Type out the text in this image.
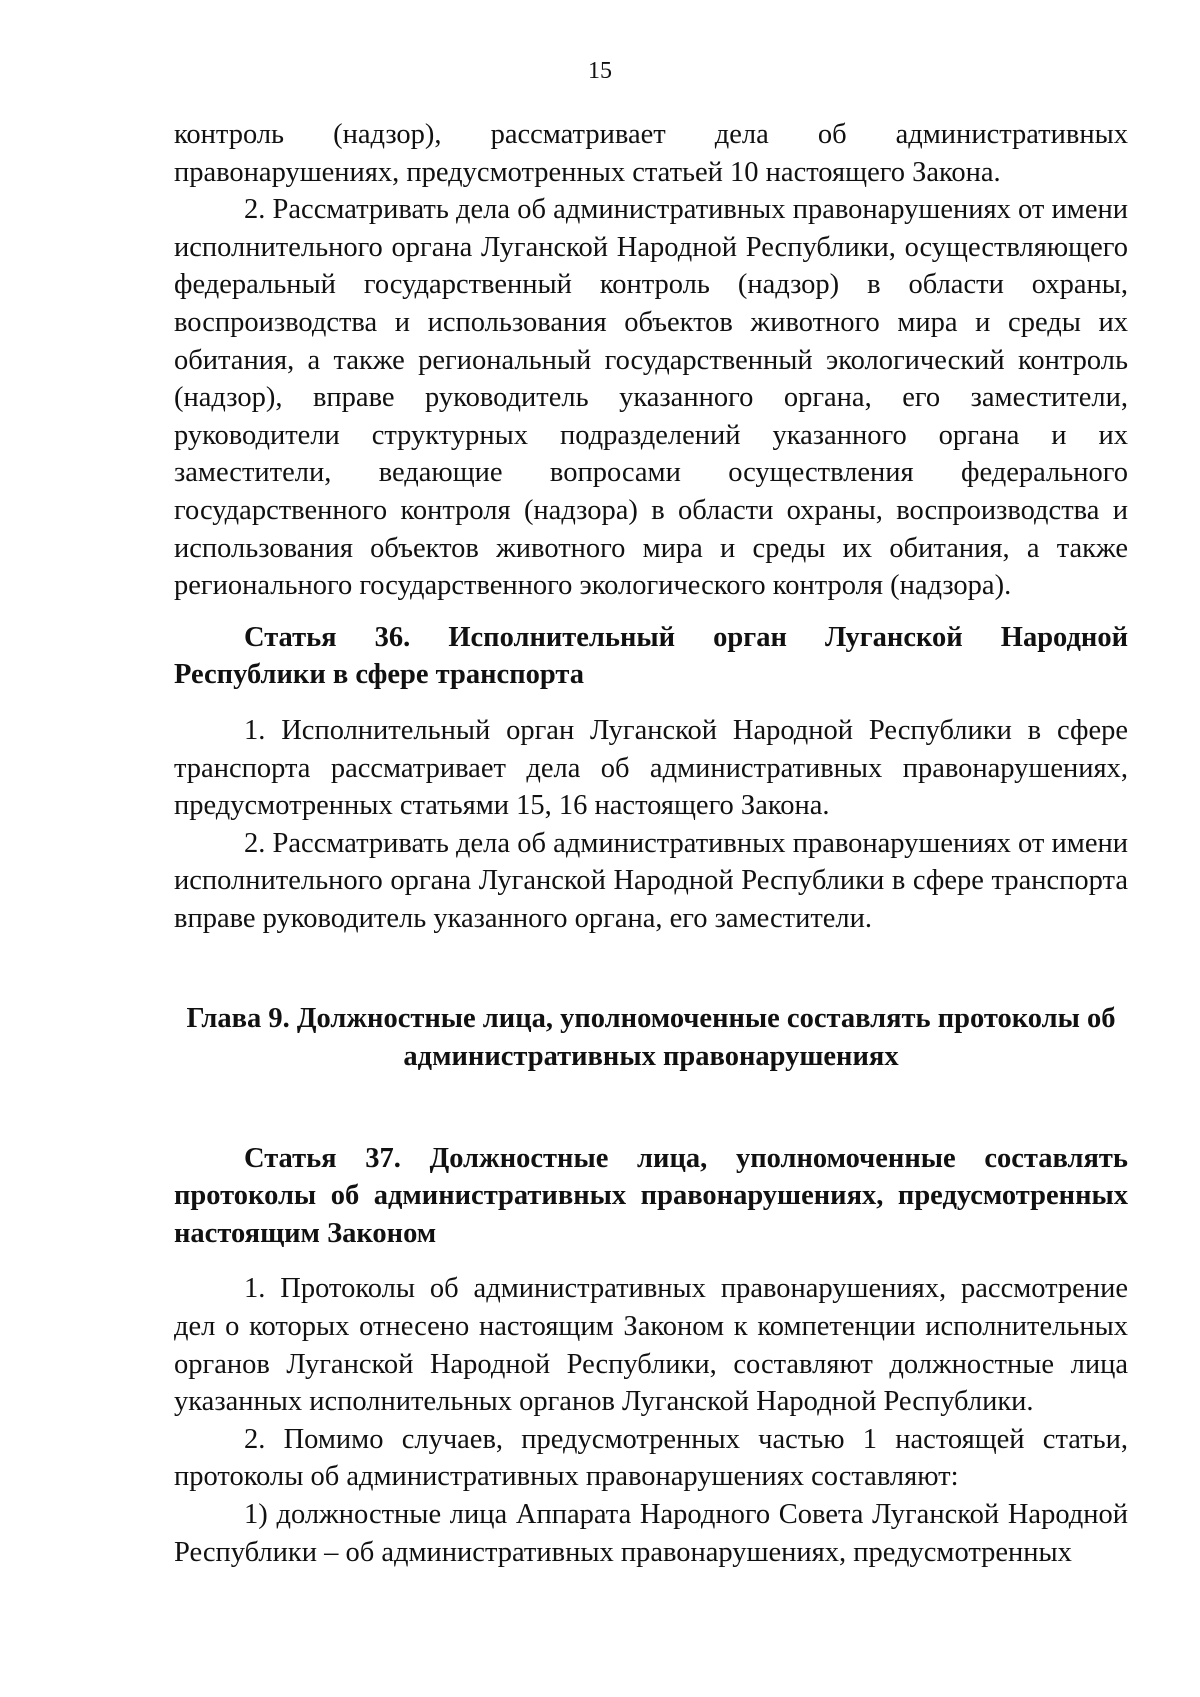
15

контроль (надзор), рассматривает дела об административных правонарушениях, предусмотренных статьей 10 настоящего Закона.

2. Рассматривать дела об административных правонарушениях от имени исполнительного органа Луганской Народной Республики, осуществляющего федеральный государственный контроль (надзор) в области охраны, воспроизводства и использования объектов животного мира и среды их обитания, а также региональный государственный экологический контроль (надзор), вправе руководитель указанного органа, его заместители, руководители структурных подразделений указанного органа и их заместители, ведающие вопросами осуществления федерального государственного контроля (надзора) в области охраны, воспроизводства и использования объектов животного мира и среды их обитания, а также регионального государственного экологического контроля (надзора).

Статья 36. Исполнительный орган Луганской Народной Республики в сфере транспорта

1. Исполнительный орган Луганской Народной Республики в сфере транспорта рассматривает дела об административных правонарушениях, предусмотренных статьями 15, 16 настоящего Закона.

2. Рассматривать дела об административных правонарушениях от имени исполнительного органа Луганской Народной Республики в сфере транспорта вправе руководитель указанного органа, его заместители.

Глава 9. Должностные лица, уполномоченные составлять протоколы об
административных правонарушениях

Статья 37. Должностные лица, уполномоченные составлять протоколы об административных правонарушениях, предусмотренных настоящим Законом

1. Протоколы об административных правонарушениях, рассмотрение дел о которых отнесено настоящим Законом к компетенции исполнительных органов Луганской Народной Республики, составляют должностные лица указанных исполнительных органов Луганской Народной Республики.

2. Помимо случаев, предусмотренных частью 1 настоящей статьи, протоколы об административных правонарушениях составляют:

1) должностные лица Аппарата Народного Совета Луганской Народной Республики – об административных правонарушениях, предусмотренных
